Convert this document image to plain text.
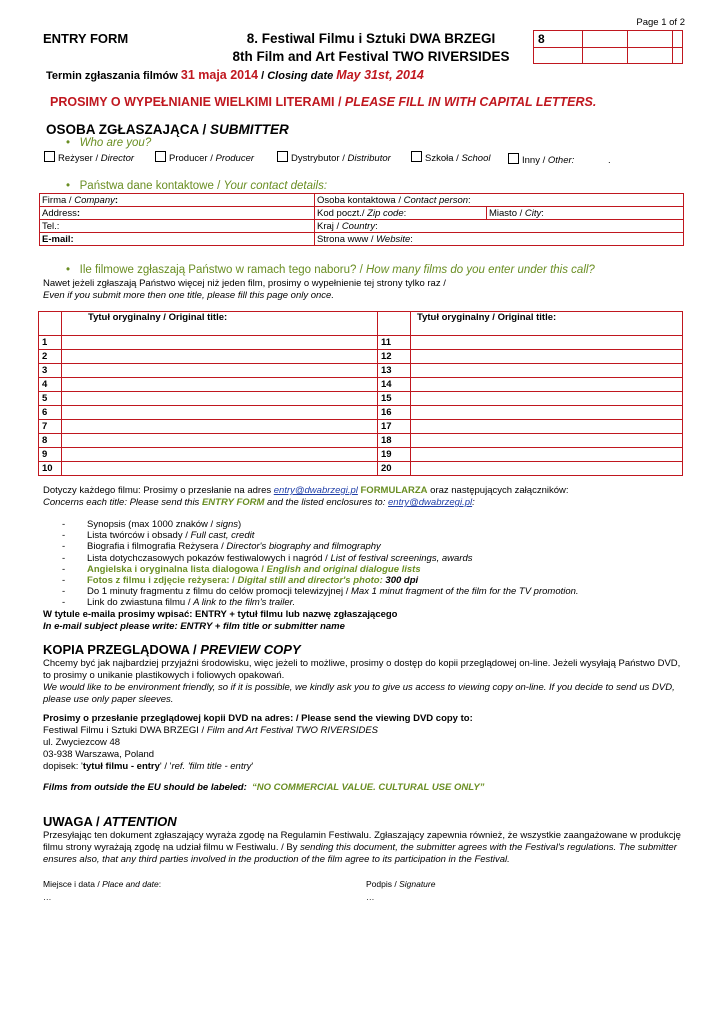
Page 1 of 2
ENTRY FORM	8. Festiwal Filmu i Sztuki DWA BRZEGI
8th Film and Art Festival TWO RIVERSIDES
8			

Termin zgłaszania filmów 31 maja 2014 / Closing date May 31st, 2014
PROSIMY O WYPEŁNIANIE WIELKIMI LITERAMI / PLEASE FILL IN WITH CAPITAL LETTERS.
OSOBA ZGŁASZAJĄCA / SUBMITTER
•   Who are you?
Reżyser / Director	Producer / Producer	Dystrybutor / Distributor	Szkoła / School	Inny / Other:	.
•   Państwa dane kontaktowe / Your contact details:
Firma / Company:	Osoba kontaktowa / Contact person:	
Address:	Kod poczt./ Zip code:	Miasto / City:
Tel.:	Kraj / Country:	
E-mail:	Strona www / Website:	
•   Ile filmowe zgłaszają Państwo w ramach tego naboru? / How many films do you enter under this call?
Nawet jeżeli zgłaszają Państwo więcej niż jeden film, prosimy o wypełnienie tej strony tylko raz /
Even if you submit more then one title, please fill this page only once.
	Tytuł oryginalny / Original title:		Tytuł oryginalny / Original title:
1		11	
2		12	
3		13	
4		14	
5		15	
6		16	
7		17	
8		18	
9		19	
10		20	
Dotyczy każdego filmu: Prosimy o przesłanie na adres entry@dwabrzegi.pl FORMULARZA oraz następujących załączników:
Concerns each title: Please send this ENTRY FORM and the listed enclosures to: entry@dwabrzegi.pl:
- Synopsis (max 1000 znaków / signs)
- Lista twórców i obsady / Full cast, credit
- Biografia i filmografia Reżysera / Director's biography and filmography
- Lista dotychczasowych pokazów festiwalowych i nagród / List of festival screenings, awards
- Angielska i oryginalna lista dialogowa / English and original dialogue lists
- Fotos z filmu i zdjęcie reżysera: / Digital still and director's photo: 300 dpi
- Do 1 minuty fragmentu z filmu do celów promocji telewizyjnej / Max 1 minut fragment of the film for the TV promotion.
- Link do zwiastuna filmu / A link to the film's trailer.
W tytule e-maila prosimy wpisać: ENTRY + tytuł filmu lub nazwę zgłaszającego
In e-mail subject please write: ENTRY + film title or submitter name
KOPIA PRZEGLĄDOWA / PREVIEW COPY
Chcemy być jak najbardziej przyjaźni środowisku, więc jeżeli to możliwe, prosimy o dostęp do kopii przeglądowej on-line. Jeżeli wysyłają Państwo DVD, to prosimy o unikanie plastikowych i foliowych opakowań.
We would like to be environment friendly, so if it is possible, we kindly ask you to give us access to viewing copy on-line. If you decide to send us DVD, please use only paper sleeves.
Prosimy o przesłanie przeglądowej kopii DVD na adres: / Please send the viewing DVD copy to:
Festiwal Filmu i Sztuki DWA BRZEGI / Film and Art Festival TWO RIVERSIDES
ul. Zwyciezcow 48
03-938 Warszawa, Poland
dopisek: 'tytuł filmu - entry' / 'ref. 'film title - entry'
Films from outside the EU should be labeled: “NO COMMERCIAL VALUE. CULTURAL USE ONLY”
UWAGA / ATTENTION
Przesyłając ten dokument zgłaszający wyraża zgodę na Regulamin Festiwalu. Zgłaszający zapewnia również, że wszystkie zaangażowane w produkcję filmu strony wyrażają zgodę na udział filmu w Festiwalu. / By sending this document, the submitter agrees with the Festival's regulations. The submitter ensures also, that any third parties involved in the production of the film agree to its participation in the Festival.
Miejsce i data / Place and date:
…
Podpis / Signature
…
